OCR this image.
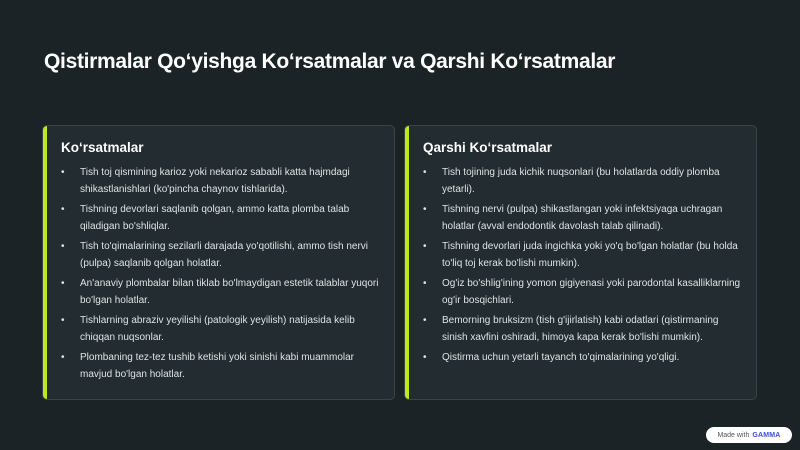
Qistirmalar Qo‘yishga Ko‘rsatmalar va Qarshi Ko‘rsatmalar
Ko‘rsatmalar
• Tish toj qismining karioz yoki nekarioz sababli katta hajmdagi shikastlanishlari (ko'pincha chaynov tishlarida).
• Tishning devorlari saqlanib qolgan, ammo katta plomba talab qiladigan bo'shliqlar.
• Tish to'qimalarining sezilarli darajada yo'qotilishi, ammo tish nervi (pulpa) saqlanib qolgan holatlar.
• An'anaviy plombalar bilan tiklab bo'lmaydigan estetik talablar yuqori bo'lgan holatlar.
• Tishlarning abraziv yeyilishi (patologik yeyilish) natijasida kelib chiqqan nuqsonlar.
• Plombaning tez-tez tushib ketishi yoki sinishi kabi muammolar mavjud bo'lgan holatlar.
Qarshi Ko‘rsatmalar
• Tish tojining juda kichik nuqsonlari (bu holatlarda oddiy plomba yetarli).
• Tishning nervi (pulpa) shikastlangan yoki infektsiyaga uchragan holatlar (avval endodontik davolash talab qilinadi).
• Tishning devorlari juda ingichka yoki yo'q bo'lgan holatlar (bu holda to'liq toj kerak bo'lishi mumkin).
• Og'iz bo'shlig'ining yomon gigiyenasi yoki parodontal kasalliklarning og'ir bosqichlari.
• Bemorning bruksizm (tish g'ijirlatish) kabi odatlari (qistirmaning sinish xavfini oshiradi, himoya kapa kerak bo'lishi mumkin).
• Qistirma uchun yetarli tayanch to'qimalarining yo'qligi.
Made with GAMMA
